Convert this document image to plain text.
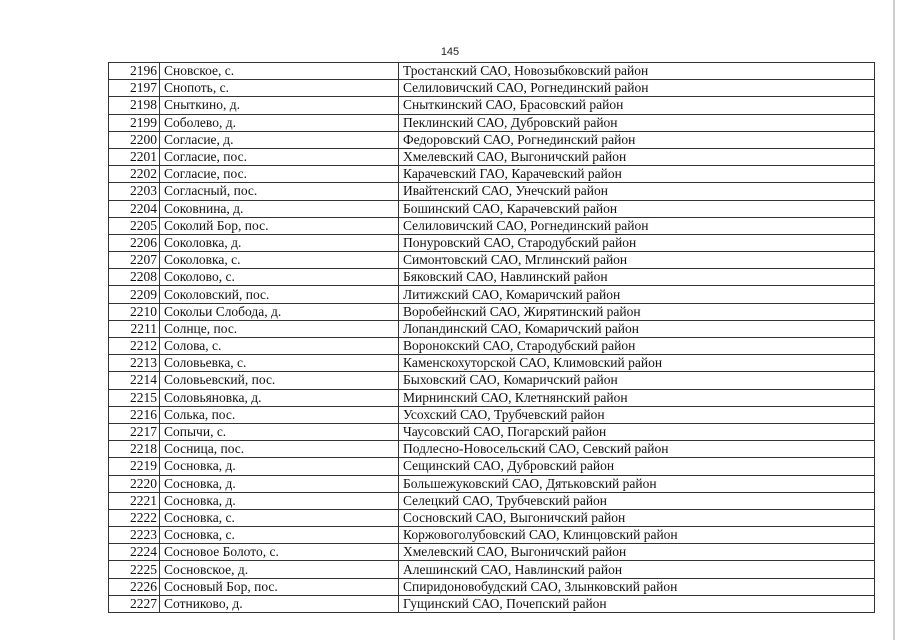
145
2196	Сновское, с.	Тростанский САО, Новозыбковский район
2197	Снопоть, с.	Селиловичский САО, Рогнединский район
2198	Сныткино, д.	Сныткинский САО, Брасовский район
2199	Соболево, д.	Пеклинский САО, Дубровский район
2200	Согласие, д.	Федоровский САО, Рогнединский район
2201	Согласие, пос.	Хмелевский САО, Выгоничский район
2202	Согласие, пос.	Карачевский ГАО, Карачевский район
2203	Согласный, пос.	Ивайтенский САО, Унечский район
2204	Соковнина, д.	Бошинский САО, Карачевский район
2205	Соколий Бор, пос.	Селиловичский САО, Рогнединский район
2206	Соколовка, д.	Понуровский САО, Стародубский район
2207	Соколовка, с.	Симонтовский САО, Мглинский район
2208	Соколово, с.	Бяковский САО, Навлинский район
2209	Соколовский, пос.	Литижский САО, Комаричский район
2210	Сокольи Слобода, д.	Воробейнский САО, Жирятинский район
2211	Солнце, пос.	Лопандинский САО, Комаричский район
2212	Солова, с.	Воронокский САО, Стародубский район
2213	Соловьевка, с.	Каменскохуторской САО, Климовский район
2214	Соловьевский, пос.	Быховский САО, Комаричский район
2215	Соловьяновка, д.	Мирнинский САО, Клетнянский район
2216	Солька, пос.	Усохский САО, Трубчевский район
2217	Сопычи, с.	Чаусовский САО, Погарский район
2218	Сосница, пос.	Подлесно-Новосельский САО, Севский район
2219	Сосновка, д.	Сещинский САО, Дубровский район
2220	Сосновка, д.	Большежуковский САО, Дятьковский район
2221	Сосновка, д.	Селецкий САО, Трубчевский район
2222	Сосновка, с.	Сосновский САО, Выгоничский район
2223	Сосновка, с.	Коржовоголубовский САО, Клинцовский район
2224	Сосновое Болото, с.	Хмелевский САО, Выгоничский район
2225	Сосновское, д.	Алешинский САО, Навлинский район
2226	Сосновый Бор, пос.	Спиридоновобудский САО, Злынковский район
2227	Сотниково, д.	Гущинский САО, Почепский район
